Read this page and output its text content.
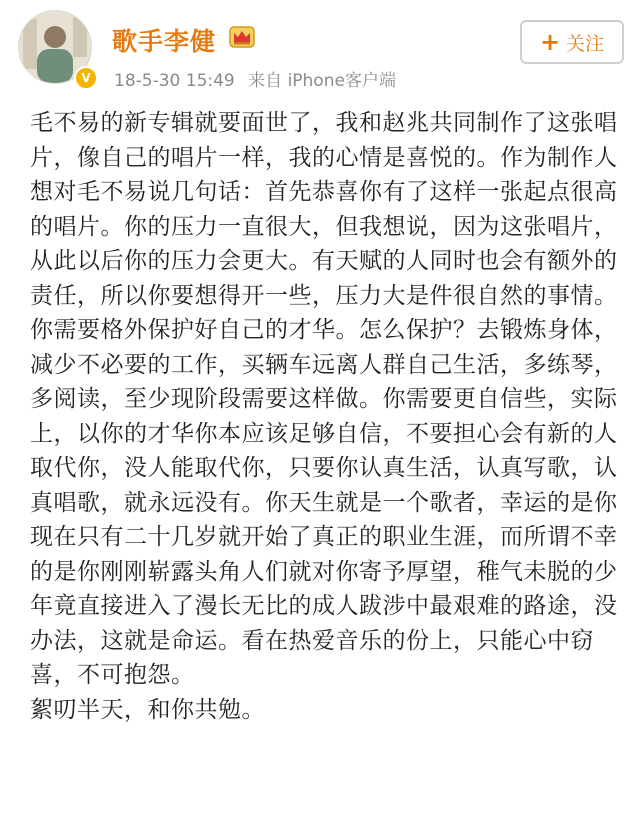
V
歌手李健
18-5-30 15:49 来自 iPhone客户端
+ 关注
毛不易的新专辑就要面世了，我和赵兆共同制作了这张唱片，像自己的唱片一样，我的心情是喜悦的。作为制作人想对毛不易说几句话：首先恭喜你有了这样一张起点很高的唱片。你的压力一直很大，但我想说，因为这张唱片，从此以后你的压力会更大。有天赋的人同时也会有额外的责任，所以你要想得开一些，压力大是件很自然的事情。你需要格外保护好自己的才华。怎么保护？去锻炼身体，减少不必要的工作，买辆车远离人群自己生活，多练琴，多阅读，至少现阶段需要这样做。你需要更自信些，实际上，以你的才华你本应该足够自信，不要担心会有新的人取代你，没人能取代你，只要你认真生活，认真写歌，认真唱歌，就永远没有。你天生就是一个歌者，幸运的是你现在只有二十几岁就开始了真正的职业生涯，而所谓不幸的是你刚刚崭露头角人们就对你寄予厚望，稚气未脱的少年竟直接进入了漫长无比的成人跋涉中最艰难的路途，没办法，这就是命运。看在热爱音乐的份上，只能心中窃喜，不可抱怨。
絮叨半天，和你共勉。
